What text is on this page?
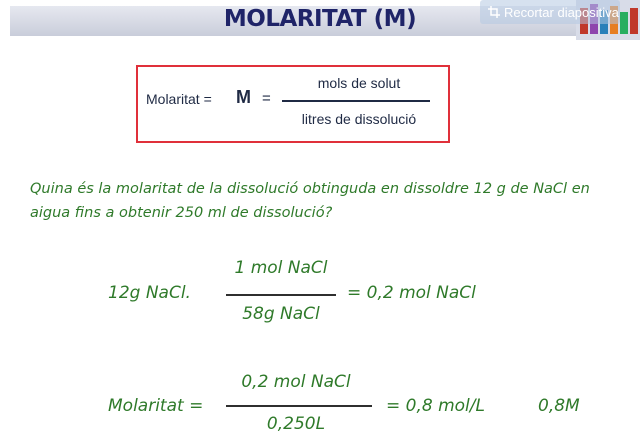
MOLARITAT (M)	Recortar diapositiva
Molaritat = M =
mols de solut
litres de dissolució
Quina és la molaritat de la dissolució obtinguda en dissoldre 12 g de NaCl en aigua fins a obtenir 250 ml de dissolució?
12g NaCl.
1 mol NaCl
58g NaCl
= 0,2 mol NaCl
Molaritat =
0,2 mol NaCl
0,250L
= 0,8 mol/L	0,8M
